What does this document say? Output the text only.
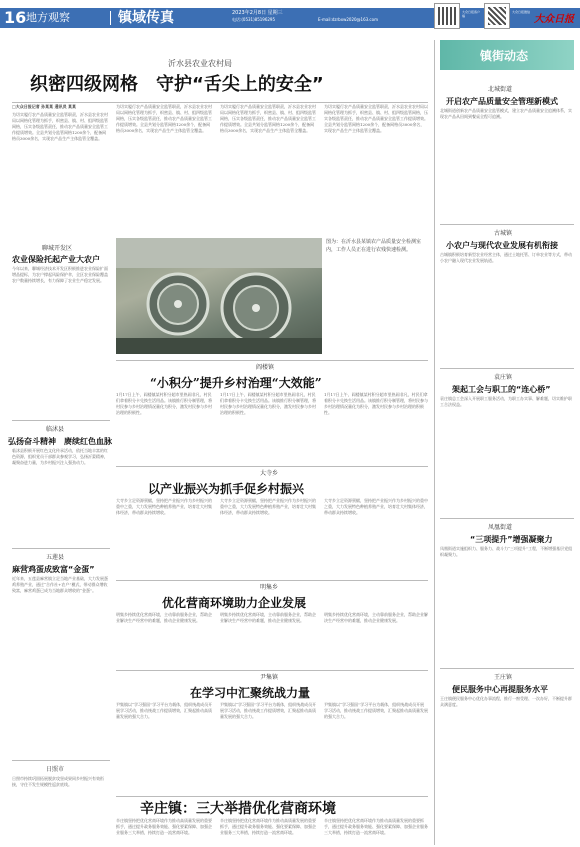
16 地方观察	镇域传真	2023年2月8日 星期三
电话:(0531)85196295	E-mail:dzrbxw2020@163.com
大众日报客户端
大众日报微信
大众日报
沂水县农业农村局
织密四级网格　守护“舌尖上的安全”
□大众日报记者 孙某某 通讯员 某某
为切实履行农产品质量安全监管职责，沂水县农业农村局以网格化管理为抓手，织密县、镇、村、组四级监管网格，压实各级监管责任，推动农产品质量安全监管工作提质增效。全县共划分监管网格1200余个，配备网格员3000余名，实现农产品生产主体监管全覆盖。
为切实履行农产品质量安全监管职责，沂水县农业农村局以网格化管理为抓手，织密县、镇、村、组四级监管网格，压实各级监管责任，推动农产品质量安全监管工作提质增效。全县共划分监管网格1200余个，配备网格员3000余名，实现农产品生产主体监管全覆盖。
为切实履行农产品质量安全监管职责，沂水县农业农村局以网格化管理为抓手，织密县、镇、村、组四级监管网格，压实各级监管责任，推动农产品质量安全监管工作提质增效。全县共划分监管网格1200余个，配备网格员3000余名，实现农产品生产主体监管全覆盖。
为切实履行农产品质量安全监管职责，沂水县农业农村局以网格化管理为抓手，织密县、镇、村、组四级监管网格，压实各级监管责任，推动农产品质量安全监管工作提质增效。全县共划分监管网格1200余个，配备网格员3000余名，实现农产品生产主体监管全覆盖。
聊城开发区
农业保险托起产业大农户
今年以来，聊城经济技术开发区积极推进农业保险扩面增品提标，为农户撑起风险保护伞，全区农业保险覆盖农户数量持续增长，有力保障了农业生产稳定发展。
图为：在沂水县某镇农产品质量安全检测室内，工作人员正在进行农残快速检测。
临沭县
弘扬奋斗精神　赓续红色血脉
临沭县积极开展红色文化传承活动，依托当地丰富的红色资源，组织党员干部群众参观学习，弘扬沂蒙精神，凝聚奋进力量，为乡村振兴注入强劲动力。
五莲县
麻营鸡蛋成致富“金蛋”
近年来，五莲县麻营镇立足当地产业基础，大力发展蛋鸡养殖产业，通过“合作社+农户”模式，带动群众增收致富，麻营鸡蛋已成为当地群众增收的“金蛋”。
日照市
日照市持续巩固拓展脱贫攻坚成果同乡村振兴有效衔接，守住不发生规模性返贫底线。
阎楼镇
“小积分”提升乡村治理“大效能”
1月17日上午，阎楼镇某村积分超市里热闹非凡，村民们拿着积分卡兑换生活用品。该镇推行积分制管理，将村民参与乡村治理情况量化为积分，激发村民参与乡村治理的积极性。
1月17日上午，阎楼镇某村积分超市里热闹非凡，村民们拿着积分卡兑换生活用品。该镇推行积分制管理，将村民参与乡村治理情况量化为积分，激发村民参与乡村治理的积极性。
1月17日上午，阎楼镇某村积分超市里热闹非凡，村民们拿着积分卡兑换生活用品。该镇推行积分制管理，将村民参与乡村治理情况量化为积分，激发村民参与乡村治理的积极性。
大寺乡
以产业振兴为抓手促乡村振兴
大寺乡立足资源禀赋，坚持把产业振兴作为乡村振兴的重中之重，大力发展特色种植养殖产业，培育壮大村集体经济，带动群众持续增收。
大寺乡立足资源禀赋，坚持把产业振兴作为乡村振兴的重中之重，大力发展特色种植养殖产业，培育壮大村集体经济，带动群众持续增收。
大寺乡立足资源禀赋，坚持把产业振兴作为乡村振兴的重中之重，大力发展特色种植养殖产业，培育壮大村集体经济，带动群众持续增收。
明集乡
优化营商环境助力企业发展
明集乡持续优化营商环境，主动靠前服务企业，帮助企业解决生产经营中的难题，推动企业健康发展。
明集乡持续优化营商环境，主动靠前服务企业，帮助企业解决生产经营中的难题，推动企业健康发展。
明集乡持续优化营商环境，主动靠前服务企业，帮助企业解决生产经营中的难题，推动企业健康发展。
尹集镇
在学习中汇聚统战力量
尹集镇以“学习强国”学习平台为载体，组织统战成员开展学习活动，推动统战工作提质增效，汇聚起推动高质量发展的强大合力。
尹集镇以“学习强国”学习平台为载体，组织统战成员开展学习活动，推动统战工作提质增效，汇聚起推动高质量发展的强大合力。
尹集镇以“学习强国”学习平台为载体，组织统战成员开展学习活动，推动统战工作提质增效，汇聚起推动高质量发展的强大合力。
辛庄镇：三大举措优化营商环境
辛庄镇坚持把优化营商环境作为推动高质量发展的重要抓手，通过提升政务服务效能、强化要素保障、加强企业服务三大举措，持续打造一流营商环境。
辛庄镇坚持把优化营商环境作为推动高质量发展的重要抓手，通过提升政务服务效能、强化要素保障、加强企业服务三大举措，持续打造一流营商环境。
辛庄镇坚持把优化营商环境作为推动高质量发展的重要抓手，通过提升政务服务效能、强化要素保障、加强企业服务三大举措，持续打造一流营商环境。
镇街动态
北城街道
开启农产品质量安全管理新模式
北城街道创新农产品质量安全监管模式，建立农产品质量安全追溯体系，实现农产品从田间到餐桌全程可追溯。
古城镇
小农户与现代农业发展有机衔接
古城镇积极培育新型农业经营主体，通过土地托管、订单农业等方式，带动小农户融入现代农业发展轨道。
袁庄镇
架起工会与职工的“连心桥”
袁庄镇总工会深入开展职工服务活动，为职工办实事、解难题，切实维护职工合法权益。
凤凰街道
“三项提升”增强凝聚力
凤凰街道实施组织力、服务力、战斗力“三项提升”工程，不断增强基层党组织凝聚力。
王庄镇
便民服务中心再提服务水平
王庄镇便民服务中心优化办事流程，推行一窗受理、一次办好，不断提升群众满意度。
